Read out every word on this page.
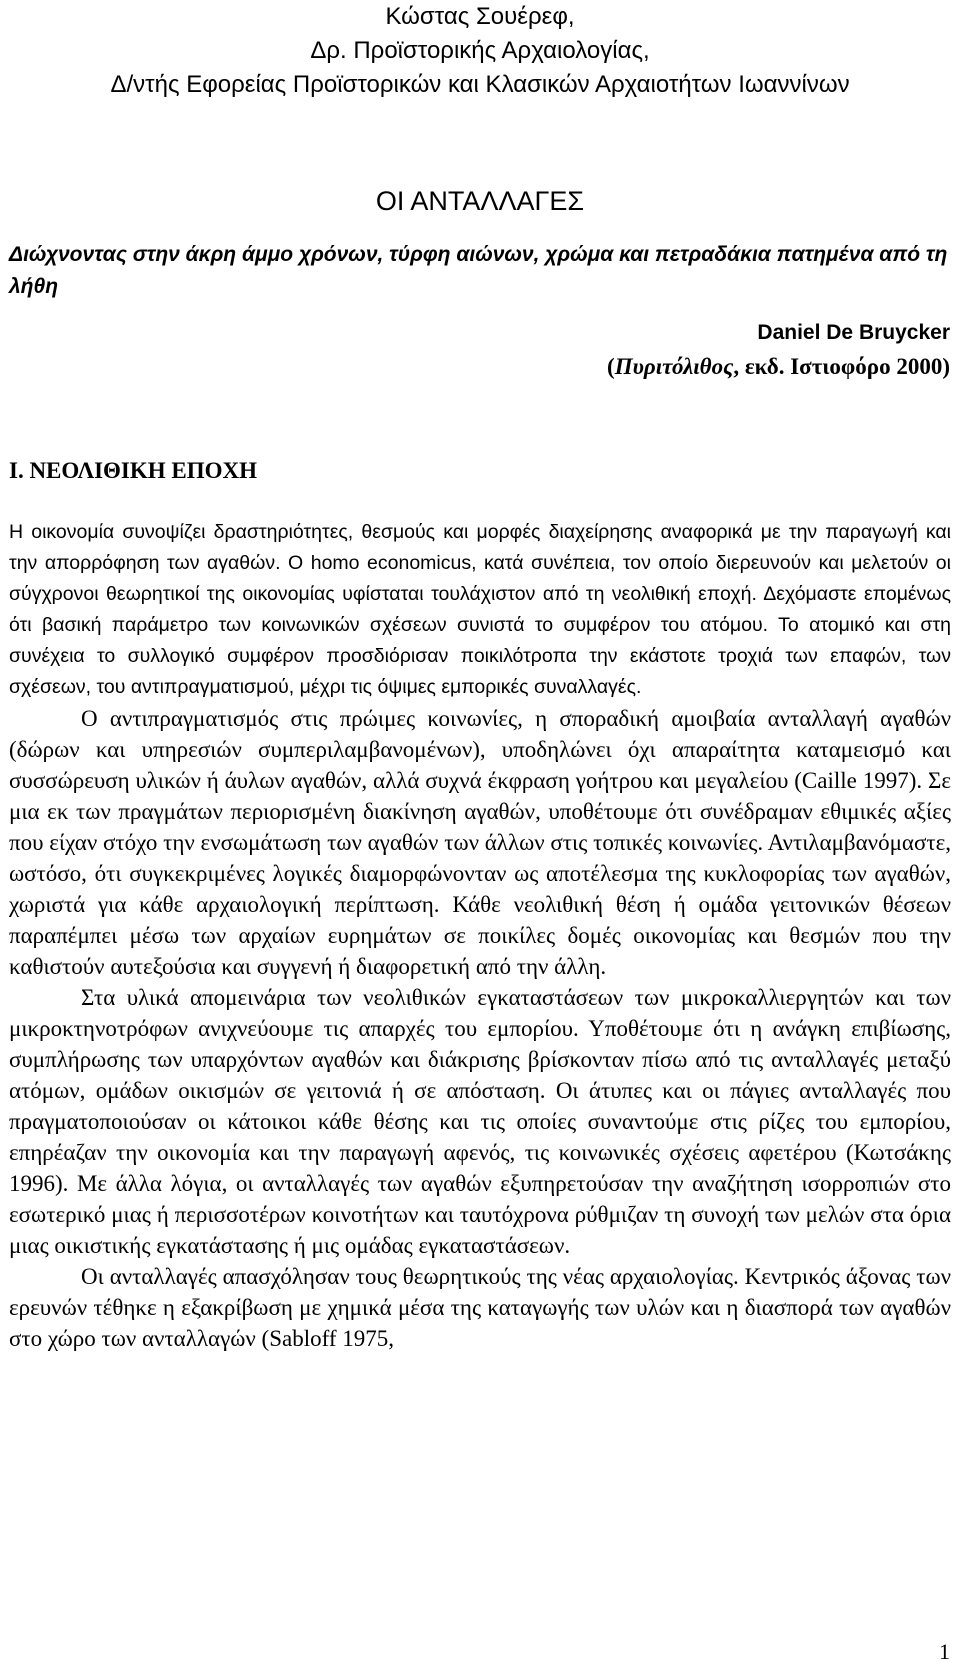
Κώστας Σουέρεφ,
Δρ. Προϊστορικής Αρχαιολογίας,
Δ/ντής Εφορείας Προϊστορικών και Κλασικών Αρχαιοτήτων Ιωαννίνων
ΟΙ ΑΝΤΑΛΛΑΓΕΣ
Διώχνοντας στην άκρη άμμο χρόνων, τύρφη αιώνων, χρώμα και πετραδάκια πατημένα από τη λήθη
Daniel De Bruycker
(Πυριτόλιθος, εκδ. Ιστιοφόρο 2000)
Ι. ΝΕΟΛΙΘΙΚΗ ΕΠΟΧΗ

Η οικονομία συνοψίζει δραστηριότητες, θεσμούς και μορφές διαχείρησης αναφορικά με την παραγωγή και την απορρόφηση των αγαθών. Ο homo economicus, κατά συνέπεια, τον οποίο διερευνούν και μελετούν οι σύγχρονοι θεωρητικοί της οικονομίας υφίσταται τουλάχιστον από τη νεολιθική εποχή. Δεχόμαστε επομένως ότι βασική παράμετρο των κοινωνικών σχέσεων συνιστά το συμφέρον του ατόμου. Το ατομικό και στη συνέχεια το συλλογικό συμφέρον προσδιόρισαν ποικιλότροπα την εκάστοτε τροχιά των επαφών, των σχέσεων, του αντιπραγματισμού, μέχρι τις όψιμες εμπορικές συναλλαγές.

Ο αντιπραγματισμός στις πρώιμες κοινωνίες, η σποραδική αμοιβαία ανταλλαγή αγαθών (δώρων και υπηρεσιών συμπεριλαμβανομένων), υποδηλώνει όχι απαραίτητα καταμεισμό και συσσώρευση υλικών ή άυλων αγαθών, αλλά συχνά έκφραση γοήτρου και μεγαλείου (Caille 1997). Σε μια εκ των πραγμάτων περιορισμένη διακίνηση αγαθών, υποθέτουμε ότι συνέδραμαν εθιμικές αξίες που είχαν στόχο την ενσωμάτωση των αγαθών των άλλων στις τοπικές κοινωνίες. Αντιλαμβανόμαστε, ωστόσο, ότι συγκεκριμένες λογικές διαμορφώνονταν ως αποτέλεσμα της κυκλοφορίας των αγαθών, χωριστά για κάθε αρχαιολογική περίπτωση. Κάθε νεολιθική θέση ή ομάδα γειτονικών θέσεων παραπέμπει μέσω των αρχαίων ευρημάτων σε ποικίλες δομές οικονομίας και θεσμών που την καθιστούν αυτεξούσια και συγγενή ή διαφορετική από την άλλη.

Στα υλικά απομεινάρια των νεολιθικών εγκαταστάσεων των μικροκαλλιεργητών και των μικροκτηνοτρόφων ανιχνεύουμε τις απαρχές του εμπορίου. Υποθέτουμε ότι η ανάγκη επιβίωσης, συμπλήρωσης των υπαρχόντων αγαθών και διάκρισης βρίσκονταν πίσω από τις ανταλλαγές μεταξύ ατόμων, ομάδων οικισμών σε γειτονιά ή σε απόσταση. Οι άτυπες και οι πάγιες ανταλλαγές που πραγματοποιούσαν οι κάτοικοι κάθε θέσης και τις οποίες συναντούμε στις ρίζες του εμπορίου, επηρέαζαν την οικονομία και την παραγωγή αφενός, τις κοινωνικές σχέσεις αφετέρου (Κωτσάκης 1996). Με άλλα λόγια, οι ανταλλαγές των αγαθών εξυπηρετούσαν την αναζήτηση ισορροπιών στο εσωτερικό μιας ή περισσοτέρων κοινοτήτων και ταυτόχρονα ρύθμιζαν τη συνοχή των μελών στα όρια μιας οικιστικής εγκατάστασης ή μις ομάδας εγκαταστάσεων.

Οι ανταλλαγές απασχόλησαν τους θεωρητικούς της νέας αρχαιολογίας. Κεντρικός άξονας των ερευνών τέθηκε η εξακρίβωση με χημικά μέσα της καταγωγής των υλών και η διασπορά των αγαθών στο χώρο των ανταλλαγών (Sabloff 1975,

1
